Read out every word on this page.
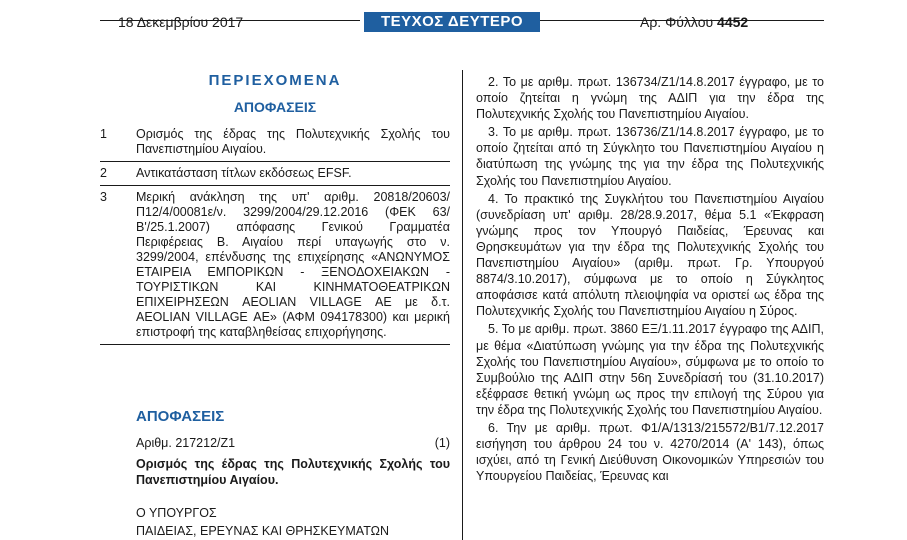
18 Δεκεμβρίου 2017	ΤΕΥΧΟΣ ΔΕΥΤΕΡΟ	Αρ. Φύλλου 4452
ΠΕΡΙΕΧΟΜΕΝΑ
ΑΠΟΦΑΣΕΙΣ
1	Ορισμός της έδρας της Πολυτεχνικής Σχολής του Πανεπιστημίου Αιγαίου.
2	Αντικατάσταση τίτλων εκδόσεως EFSF.
3	Μερική ανάκληση της υπ' αριθμ. 20818/20603/Π12/4/00081ε/ν. 3299/2004/29.12.2016 (ΦΕΚ 63/Β'/25.1.2007) απόφασης Γενικού Γραμματέα Περιφέρειας Β. Αιγαίου περί υπαγωγής στο ν. 3299/2004, επένδυσης της επιχείρησης «ΑΝΩΝΥΜΟΣ ΕΤΑΙΡΕΙΑ ΕΜΠΟΡΙΚΩΝ - ΞΕΝΟΔΟΧΕΙΑΚΩΝ - ΤΟΥΡΙΣΤΙΚΩΝ ΚΑΙ ΚΙΝΗΜΑΤΟΘΕΑΤΡΙΚΩΝ ΕΠΙΧΕΙΡΗΣΕΩΝ AEOLIAN VILLAGE ΑΕ με δ.τ. AEOLIAN VILLAGE ΑΕ» (ΑΦΜ 094178300) και μερική επιστροφή της καταβληθείσας επιχορήγησης.
ΑΠΟΦΑΣΕΙΣ
Αριθμ. 217212/Ζ1	(1)
Ορισμός της έδρας της Πολυτεχνικής Σχολής του Πανεπιστημίου Αιγαίου.
Ο ΥΠΟΥΡΓΟΣ
ΠΑΙΔΕΙΑΣ, ΕΡΕΥΝΑΣ ΚΑΙ ΘΡΗΣΚΕΥΜΑΤΩΝ

2. Το με αριθμ. πρωτ. 136734/Ζ1/14.8.2017 έγγραφο, με το οποίο ζητείται η γνώμη της ΑΔΙΠ για την έδρα της Πολυτεχνικής Σχολής του Πανεπιστημίου Αιγαίου.

3. Το με αριθμ. πρωτ. 136736/Ζ1/14.8.2017 έγγραφο, με το οποίο ζητείται από τη Σύγκλητο του Πανεπιστημίου Αιγαίου η διατύπωση της γνώμης της για την έδρα της Πολυτεχνικής Σχολής του Πανεπιστημίου Αιγαίου.

4. Το πρακτικό της Συγκλήτου του Πανεπιστημίου Αιγαίου (συνεδρίαση υπ' αριθμ. 28/28.9.2017, θέμα 5.1 «Έκφραση γνώμης προς τον Υπουργό Παιδείας, Έρευνας και Θρησκευμάτων για την έδρα της Πολυτεχνικής Σχολής του Πανεπιστημίου Αιγαίου» (αριθμ. πρωτ. Γρ. Υπουργού 8874/3.10.2017), σύμφωνα με το οποίο η Σύγκλητος αποφάσισε κατά απόλυτη πλειοψηφία να οριστεί ως έδρα της Πολυτεχνικής Σχολής του Πανεπιστημίου Αιγαίου η Σύρος.

5. Το με αριθμ. πρωτ. 3860 ΕΞ/1.11.2017 έγγραφο της ΑΔΙΠ, με θέμα «Διατύπωση γνώμης για την έδρα της Πολυτεχνικής Σχολής του Πανεπιστημίου Αιγαίου», σύμφωνα με το οποίο το Συμβούλιο της ΑΔΙΠ στην 56η Συνεδρίασή του (31.10.2017) εξέφρασε θετική γνώμη ως προς την επιλογή της Σύρου για την έδρα της Πολυτεχνικής Σχολής του Πανεπιστημίου Αιγαίου.

6. Την με αριθμ. πρωτ. Φ1/Α/1313/215572/Β1/7.12.2017 εισήγηση του άρθρου 24 του ν. 4270/2014 (Α' 143), όπως ισχύει, από τη Γενική Διεύθυνση Οικονομικών Υπηρεσιών του Υπουργείου Παιδείας, Έρευνας και
